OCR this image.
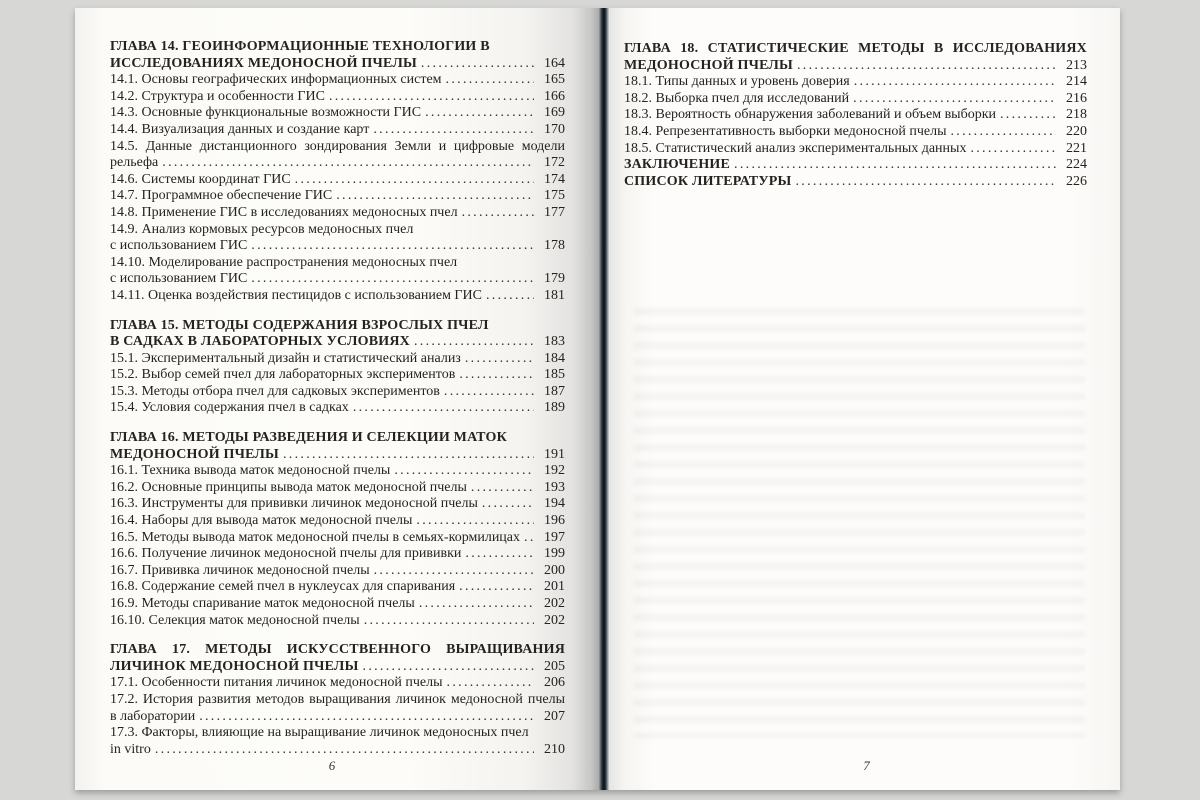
ГЛАВА 14. ГЕОИНФОРМАЦИОННЫЕ ТЕХНОЛОГИИ В
ИССЛЕДОВАНИЯХ МЕДОНОСНОЙ ПЧЕЛЫ .....	164
14.1. Основы географических информационных систем .....	165
14.2. Структура и особенности ГИС .....	166
14.3. Основные функциональные возможности ГИС .....	169
14.4. Визуализация данных и создание карт .....	170
14.5. Данные дистанционного зондирования Земли и цифровые модели
рельефа .....	172
14.6. Системы координат ГИС .....	174
14.7. Программное обеспечение ГИС .....	175
14.8. Применение ГИС в исследованиях медоносных пчел .....	177
14.9. Анализ кормовых ресурсов медоносных пчел
с использованием ГИС .....	178
14.10. Моделирование распространения медоносных пчел
с использованием ГИС .....	179
14.11. Оценка воздействия пестицидов с использованием ГИС .....	181
ГЛАВА 15. МЕТОДЫ СОДЕРЖАНИЯ ВЗРОСЛЫХ ПЧЕЛ
В САДКАХ В ЛАБОРАТОРНЫХ УСЛОВИЯХ .....	183
15.1. Экспериментальный дизайн и статистический анализ .....	184
15.2. Выбор семей пчел для лабораторных экспериментов .....	185
15.3. Методы отбора пчел для садковых экспериментов .....	187
15.4. Условия содержания пчел в садках .....	189
ГЛАВА 16. МЕТОДЫ РАЗВЕДЕНИЯ И СЕЛЕКЦИИ МАТОК
МЕДОНОСНОЙ ПЧЕЛЫ .....	191
16.1. Техника вывода маток медоносной пчелы .....	192
16.2. Основные принципы вывода маток медоносной пчелы .....	193
16.3. Инструменты для прививки личинок медоносной пчелы .....	194
16.4. Наборы для вывода маток медоносной пчелы .....	196
16.5. Методы вывода маток медоносной пчелы в семьях-кормилицах .....	197
16.6. Получение личинок медоносной пчелы для прививки .....	199
16.7. Прививка личинок медоносной пчелы .....	200
16.8. Содержание семей пчел в нуклеусах для спаривания .....	201
16.9. Методы спаривание маток медоносной пчелы .....	202
16.10. Селекция маток медоносной пчелы .....	202
ГЛАВА 17. МЕТОДЫ ИСКУССТВЕННОГО ВЫРАЩИВАНИЯ
ЛИЧИНОК МЕДОНОСНОЙ ПЧЕЛЫ .....	205
17.1. Особенности питания личинок медоносной пчелы .....	206
17.2. История развития методов выращивания личинок медоносной пчелы
в лаборатории .....	207
17.3. Факторы, влияющие на выращивание личинок медоносных пчел
in vitro .....	210
6
ГЛАВА 18. СТАТИСТИЧЕСКИЕ МЕТОДЫ В ИССЛЕДОВАНИЯХ
МЕДОНОСНОЙ ПЧЕЛЫ .....	213
18.1. Типы данных и уровень доверия .....	214
18.2. Выборка пчел для исследований .....	216
18.3. Вероятность обнаружения заболеваний и объем выборки .....	218
18.4. Репрезентативность выборки медоносной пчелы .....	220
18.5. Статистический анализ экспериментальных данных .....	221
ЗАКЛЮЧЕНИЕ .....	224
СПИСОК ЛИТЕРАТУРЫ .....	226
7
